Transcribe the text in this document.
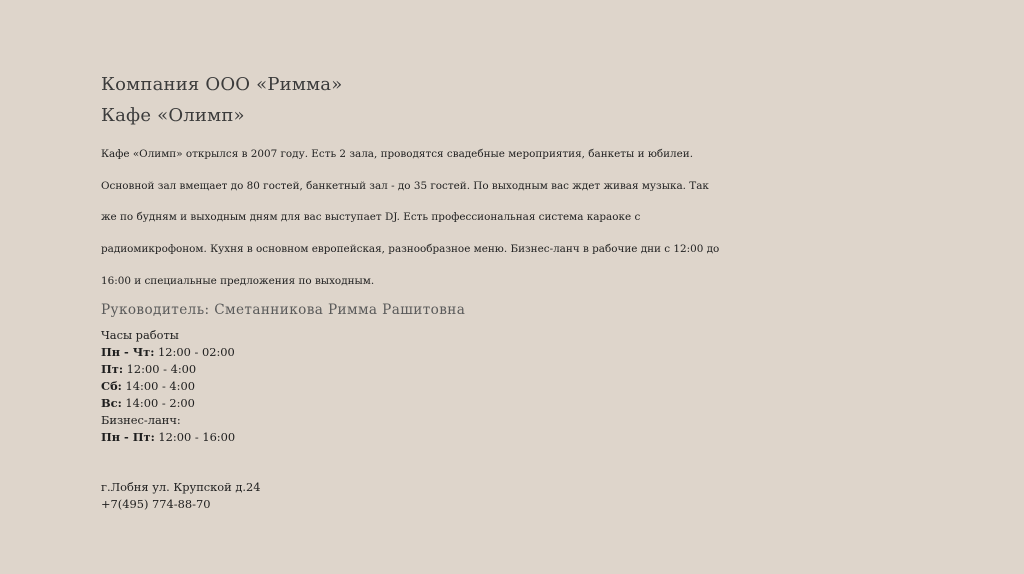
Компания ООО «Римма»
Кафе «Олимп»
Кафе «Олимп» открылся в 2007 году. Есть 2 зала, проводятся свадебные мероприятия, банкеты и юбилеи.
Основной зал вмещает до 80 гостей, банкетный зал - до 35 гостей. По выходным вас ждет живая музыка. Так
же по будням и выходным дням для вас выступает DJ. Есть профессиональная система караоке с
радиомикрофоном. Кухня в основном европейская, разнообразное меню. Бизнес-ланч в рабочие дни с 12:00 до
16:00 и специальные предложения по выходным.
Руководитель: Сметанникова Римма Рашитовна
Часы работы
Пн - Чт: 12:00 - 02:00
Пт: 12:00 - 4:00
Сб: 14:00 - 4:00
Вс: 14:00 - 2:00
Бизнес-ланч:
Пн - Пт: 12:00 - 16:00
г.Лобня ул. Крупской д.24
+7(495) 774-88-70
